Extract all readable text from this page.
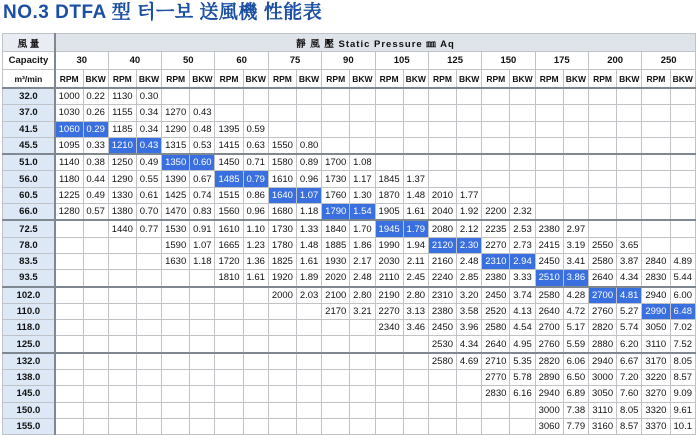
NO.3 DTFA 型 터ㅡ보 送風機 性能表
風 量	靜 風 壓 Static Pressure ㎜ Aq																							
Capacity	30		40		50		60		75		90		105		125		150		175		200		250	
m³/min	RPM	BKW	RPM	BKW	RPM	BKW	RPM	BKW	RPM	BKW	RPM	BKW	RPM	BKW	RPM	BKW	RPM	BKW	RPM	BKW	RPM	BKW	RPM	BKW
32.0	1000	0.22	1130	0.30																				
37.0	1030	0.26	1155	0.34	1270	0.43																		
41.5	1060	0.29	1185	0.34	1290	0.48	1395	0.59																
45.5	1095	0.33	1210	0.43	1315	0.53	1415	0.63	1550	0.80														
51.0	1140	0.38	1250	0.49	1350	0.60	1450	0.71	1580	0.89	1700	1.08												
56.0	1180	0.44	1290	0.55	1390	0.67	1485	0.79	1610	0.96	1730	1.17	1845	1.37										
60.5	1225	0.49	1330	0.61	1425	0.74	1515	0.86	1640	1.07	1760	1.30	1870	1.48	2010	1.77								
66.0	1280	0.57	1380	0.70	1470	0.83	1560	0.96	1680	1.18	1790	1.54	1905	1.61	2040	1.92	2200	2.32						
72.5			1440	0.77	1530	0.91	1610	1.10	1730	1.33	1840	1.70	1945	1.79	2080	2.12	2235	2.53	2380	2.97				
78.0					1590	1.07	1665	1.23	1780	1.48	1885	1.86	1990	1.94	2120	2.30	2270	2.73	2415	3.19	2550	3.65		
83.5					1630	1.18	1720	1.36	1825	1.61	1930	2.17	2030	2.11	2160	2.48	2310	2.94	2450	3.41	2580	3.87	2840	4.89
93.5							1810	1.61	1920	1.89	2020	2.48	2110	2.45	2240	2.85	2380	3.33	2510	3.86	2640	4.34	2830	5.44
102.0									2000	2.03	2100	2.80	2190	2.80	2310	3.20	2450	3.74	2580	4.28	2700	4.81	2940	6.00
110.0											2170	3.21	2270	3.13	2380	3.58	2520	4.13	2640	4.72	2760	5.27	2990	6.48
118.0													2340	3.46	2450	3.96	2580	4.54	2700	5.17	2820	5.74	3050	7.02
125.0															2530	4.34	2640	4.95	2760	5.59	2880	6.20	3110	7.52
132.0															2580	4.69	2710	5.35	2820	6.06	2940	6.67	3170	8.05
138.0																	2770	5.78	2890	6.50	3000	7.20	3220	8.57
145.0																	2830	6.16	2940	6.89	3050	7.60	3270	9.09
150.0																			3000	7.38	3110	8.05	3320	9.61
155.0																			3060	7.79	3160	8.57	3370	10.1
